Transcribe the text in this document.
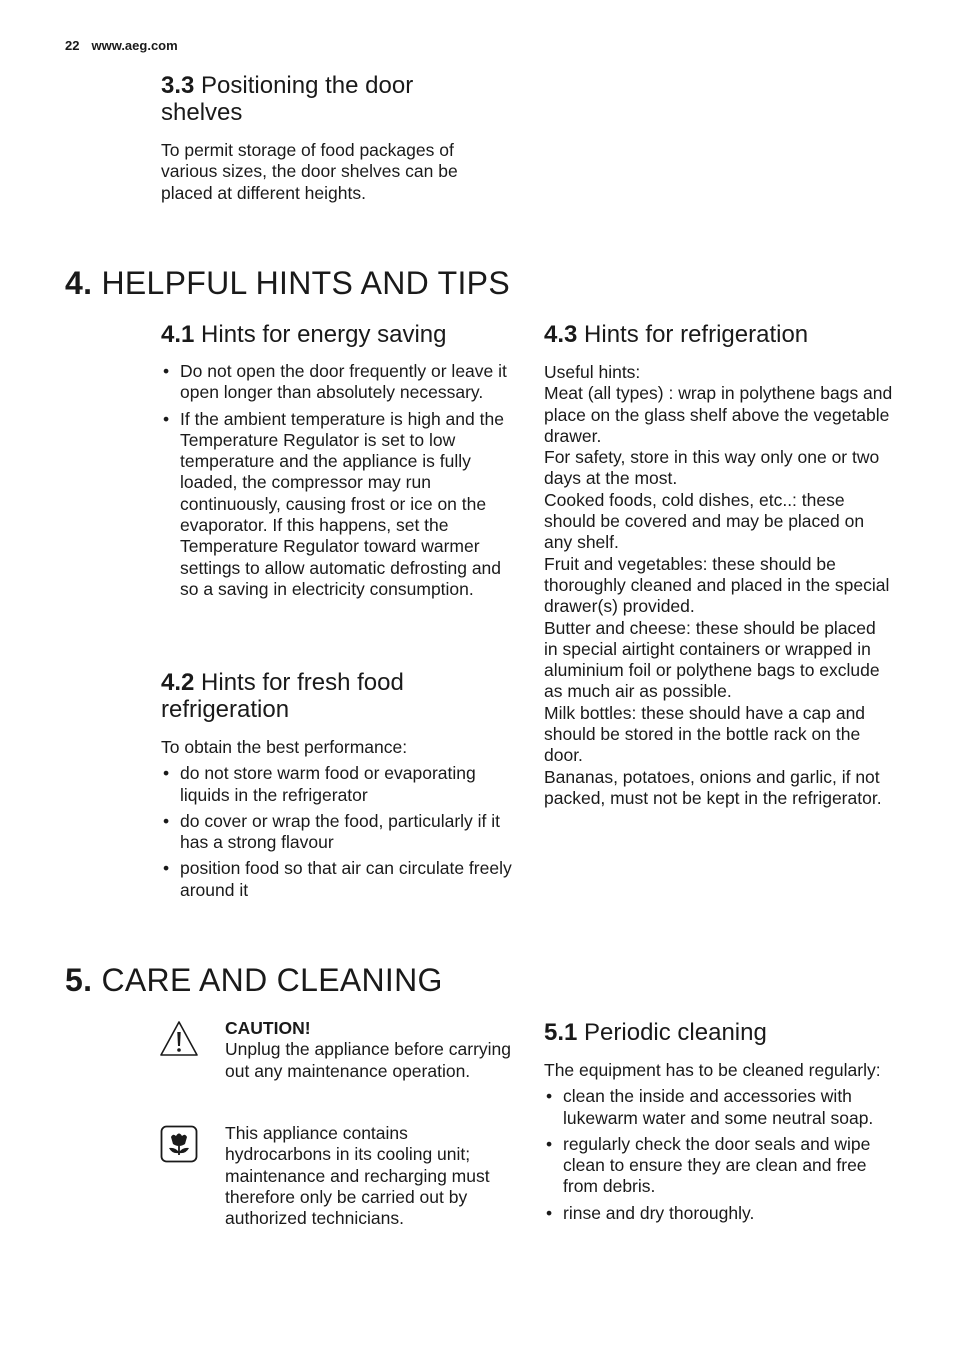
22 www.aeg.com
3.3 Positioning the door shelves

To permit storage of food packages of various sizes, the door shelves can be placed at different heights.

4. HELPFUL HINTS AND TIPS
4.1 Hints for energy saving
• Do not open the door frequently or leave it open longer than absolutely necessary.
• If the ambient temperature is high and the Temperature Regulator is set to low temperature and the appliance is fully loaded, the compressor may run continuously, causing frost or ice on the evaporator. If this happens, set the Temperature Regulator toward warmer settings to allow automatic defrosting and so a saving in electricity consumption.
4.2 Hints for fresh food refrigeration

To obtain the best performance:

• do not store warm food or evaporating liquids in the refrigerator
• do cover or wrap the food, particularly if it has a strong flavour
• position food so that air can circulate freely around it
4.3 Hints for refrigeration
Useful hints:
Meat (all types) : wrap in polythene bags and place on the glass shelf above the vegetable drawer.
For safety, store in this way only one or two days at the most.
Cooked foods, cold dishes, etc..: these should be covered and may be placed on any shelf.
Fruit and vegetables: these should be thoroughly cleaned and placed in the special drawer(s) provided.
Butter and cheese: these should be placed in special airtight containers or wrapped in aluminium foil or polythene bags to exclude as much air as possible.
Milk bottles: these should have a cap and should be stored in the bottle rack on the door.
Bananas, potatoes, onions and garlic, if not packed, must not be kept in the refrigerator.
5. CARE AND CLEANING

CAUTION!

Unplug the appliance before carrying out any maintenance operation.

This appliance contains hydrocarbons in its cooling unit; maintenance and recharging must therefore only be carried out by authorized technicians.

5.1 Periodic cleaning

The equipment has to be cleaned regularly:

• clean the inside and accessories with lukewarm water and some neutral soap.
• regularly check the door seals and wipe clean to ensure they are clean and free from debris.
• rinse and dry thoroughly.
